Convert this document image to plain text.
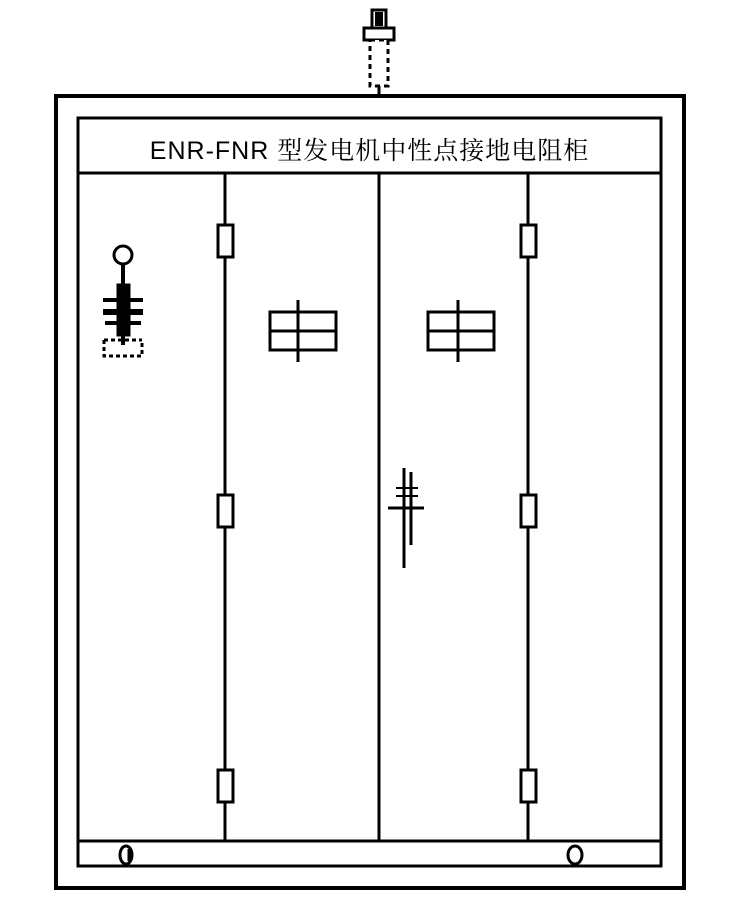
ENR-FNR 型发电机中性点接地电阻柜
